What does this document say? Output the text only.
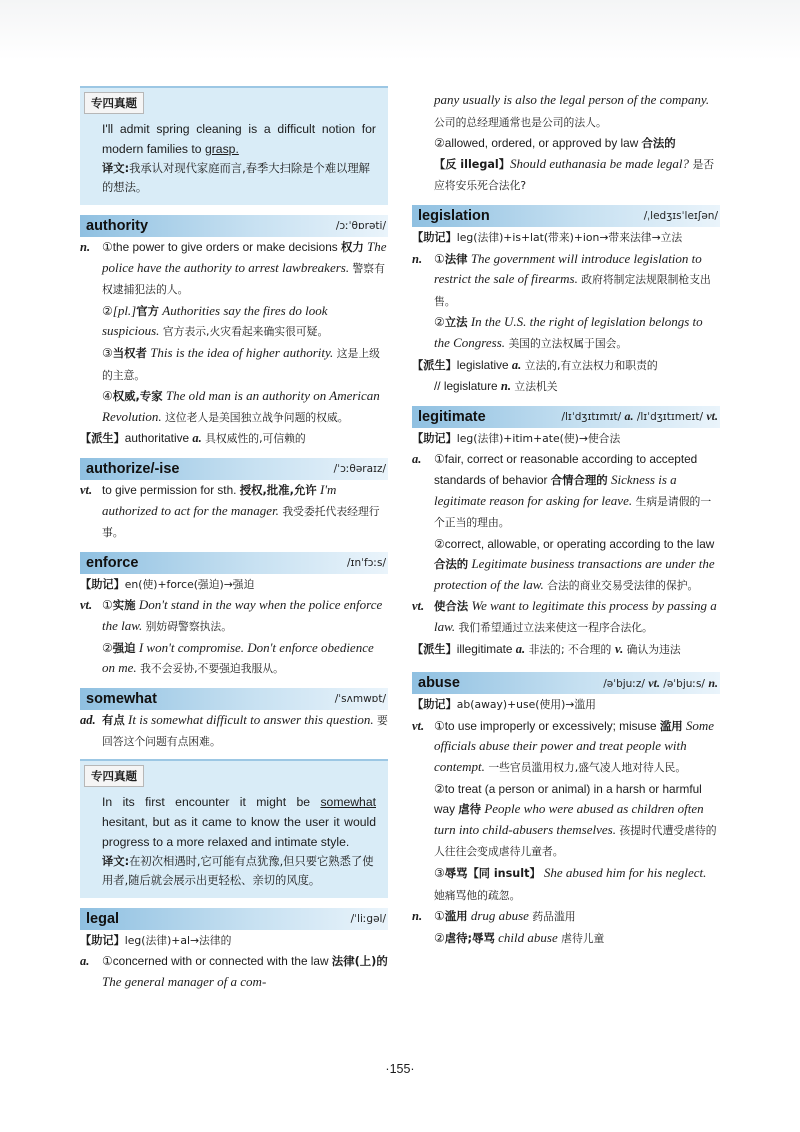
专四真题
I'll admit spring cleaning is a difficult notion for modern families to grasp.
译文:我承认对现代家庭而言,春季大扫除是个难以理解的想法。
authority	/ɔːˈθɒrəti/
n. ①the power to give orders or make decisions 权力 The police have the authority to arrest lawbreakers. 警察有权逮捕犯法的人。
②[pl.]官方 Authorities say the fires do look suspicious. 官方表示,火灾看起来确实很可疑。
③当权者 This is the idea of higher authority. 这是上级的主意。
④权威,专家 The old man is an authority on American Revolution. 这位老人是美国独立战争问题的权威。
【派生】authoritative a. 具权威性的,可信赖的
authorize/-ise	/ˈɔːθəraɪz/
vt. to give permission for sth. 授权,批准,允许 I'm authorized to act for the manager. 我受委托代表经理行事。
enforce	/ɪnˈfɔːs/
【助记】en(使)+force(强迫)→强迫
vt. ①实施 Don't stand in the way when the police enforce the law. 别妨碍警察执法。
②强迫 I won't compromise. Don't enforce obedience on me. 我不会妥协,不要强迫我服从。
somewhat	/ˈsʌmwɒt/
ad. 有点 It is somewhat difficult to answer this question. 要回答这个问题有点困难。
专四真题
In its first encounter it might be somewhat hesitant, but as it came to know the user it would progress to a more relaxed and intimate style.
译文:在初次相遇时,它可能有点犹豫,但只要它熟悉了使用者,随后就会展示出更轻松、亲切的风度。
legal	/ˈliːgəl/
【助记】leg(法律)+al→法律的
a. ①concerned with or connected with the law 法律(上)的 The general manager of a com-
pany usually is also the legal person of the company. 公司的总经理通常也是公司的法人。
②allowed, ordered, or approved by law 合法的
【反 illegal】Should euthanasia be made legal? 是否应将安乐死合法化?
legislation	/ˌledʒɪsˈleɪʃən/
【助记】leg(法律)+is+lat(带来)+ion→带来法律→立法
n. ①法律 The government will introduce legislation to restrict the sale of firearms. 政府将制定法规限制枪支出售。
②立法 In the U.S. the right of legislation belongs to the Congress. 美国的立法权属于国会。
【派生】legislative a. 立法的,有立法权力和职责的
// legislature n. 立法机关
legitimate	/lɪˈdʒɪtɪmɪt/ a. /lɪˈdʒɪtɪmeɪt/ vt.
【助记】leg(法律)+itim+ate(使)→使合法
a. ①fair, correct or reasonable according to accepted standards of behavior 合情合理的 Sickness is a legitimate reason for asking for leave. 生病是请假的一个正当的理由。
②correct, allowable, or operating according to the law 合法的 Legitimate business transactions are under the protection of the law. 合法的商业交易受法律的保护。
vt. 使合法 We want to legitimate this process by passing a law. 我们希望通过立法来使这一程序合法化。
【派生】illegitimate a. 非法的; 不合理的 v. 确认为违法
abuse	/əˈbjuːz/ vt. /əˈbjuːs/ n.
【助记】ab(away)+use(使用)→滥用
vt. ①to use improperly or excessively; misuse 滥用 Some officials abuse their power and treat people with contempt. 一些官员滥用权力,盛气凌人地对待人民。
②to treat (a person or animal) in a harsh or harmful way 虐待 People who were abused as children often turn into child-abusers themselves. 孩提时代遭受虐待的人往往会变成虐待儿童者。
③辱骂【同 insult】 She abused him for his neglect. 她痛骂他的疏忽。
n. ①滥用 drug abuse 药品滥用
②虐待;辱骂 child abuse 虐待儿童
·155·
